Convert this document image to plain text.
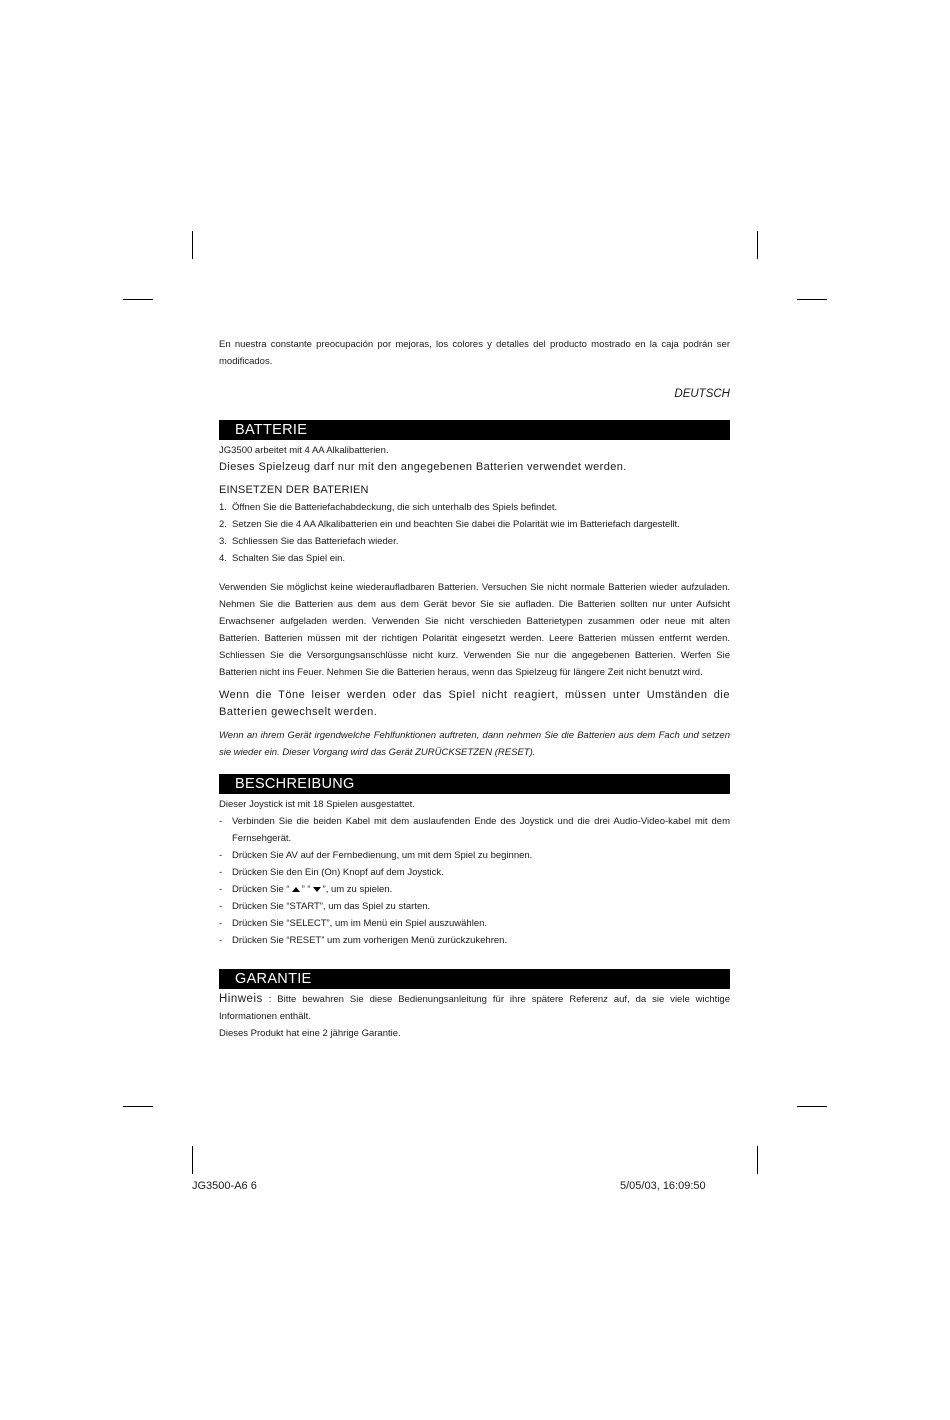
En nuestra constante preocupación por mejoras, los colores y detalles del producto mostrado en la caja podrán ser modificados.
DEUTSCH
BATTERIE
JG3500 arbeitet mit 4 AA Alkalibatterien.
Dieses Spielzeug darf nur mit den angegebenen Batterien verwendet werden.
EINSETZEN DER BATERIEN
1. Öffnen Sie die Batteriefachabdeckung, die sich unterhalb des Spiels befindet.
2. Setzen Sie die 4 AA Alkalibatterien ein und beachten Sie dabei die Polarität wie im Batteriefach dargestellt.
3. Schliessen Sie das Batteriefach wieder.
4. Schalten Sie das Spiel ein.
Verwenden Sie möglichst keine wiederaufladbaren Batterien. Versuchen Sie nicht normale Batterien wieder aufzuladen. Nehmen Sie die Batterien aus dem aus dem Gerät bevor Sie sie aufladen. Die Batterien sollten nur unter Aufsicht Erwachsener aufgeladen werden. Verwenden Sie nicht verschieden Batterietypen zusammen oder neue mit alten Batterien. Batterien müssen mit der richtigen Polarität eingesetzt werden. Leere Batterien müssen entfernt werden. Schliessen Sie die Versorgungsanschlüsse nicht kurz. Verwenden Sie nur die angegebenen Batterien. Werfen Sie Batterien nicht ins Feuer. Nehmen Sie die Batterien heraus, wenn das Spielzeug für längere Zeit nicht benutzt wird.
Wenn die Töne leiser werden oder das Spiel nicht reagiert, müssen unter Umständen die Batterien gewechselt werden.
Wenn an ihrem Gerät irgendwelche Fehlfunktionen auftreten, dann nehmen Sie die Batterien aus dem Fach und setzen sie wieder ein. Dieser Vorgang wird das Gerät ZURÜCKSETZEN (RESET).
BESCHREIBUNG
Dieser Joystick ist mit 18 Spielen ausgestattet.
- Verbinden Sie die beiden Kabel mit dem auslaufenden Ende des Joystick und die drei Audio-Video-kabel mit dem Fernsehgerät.
- Drücken Sie AV auf der Fernbedienung, um mit dem Spiel zu beginnen.
- Drücken Sie den Ein (On) Knopf auf dem Joystick.
- Drücken Sie “ ” “ ”, um zu spielen.
- Drücken Sie “START”, um das Spiel zu starten.
- Drücken Sie “SELECT”, um im Menü ein Spiel auszuwählen.
- Drücken Sie “RESET” um zum vorherigen Menü zurückzukehren.
GARANTIE
Hinweis : Bitte bewahren Sie diese Bedienungsanleitung für ihre spätere Referenz auf, da sie viele wichtige Informationen enthält.
Dieses Produkt hat eine 2 jährige Garantie.
JG3500-A6 6	5/05/03, 16:09:50
